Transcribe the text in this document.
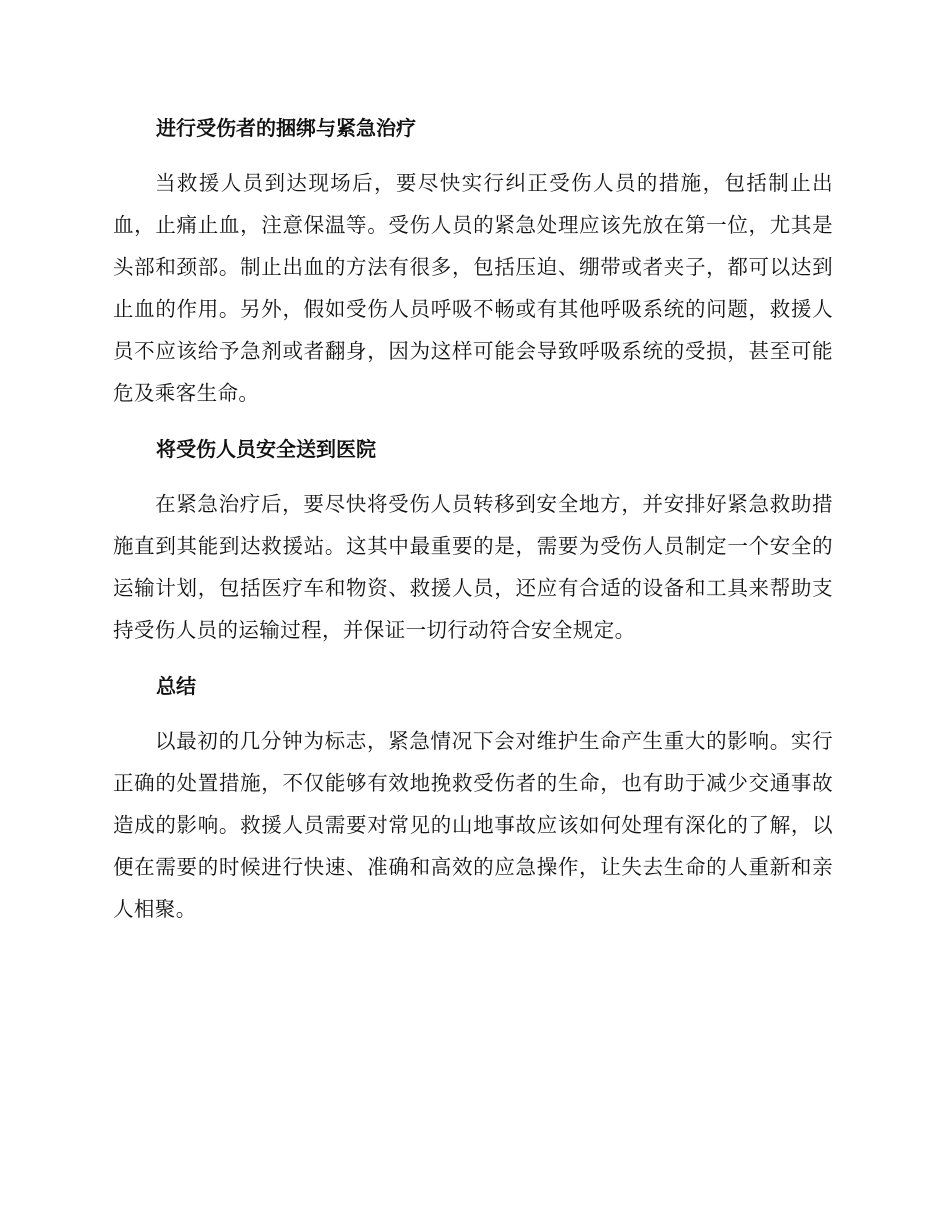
进行受伤者的捆绑与紧急治疗

当救援人员到达现场后，要尽快实行纠正受伤人员的措施，包括制止出血，止痛止血，注意保温等。受伤人员的紧急处理应该先放在第一位，尤其是头部和颈部。制止出血的方法有很多，包括压迫、绷带或者夹子，都可以达到止血的作用。另外，假如受伤人员呼吸不畅或有其他呼吸系统的问题，救援人员不应该给予急剂或者翻身，因为这样可能会导致呼吸系统的受损，甚至可能危及乘客生命。

将受伤人员安全送到医院

在紧急治疗后，要尽快将受伤人员转移到安全地方，并安排好紧急救助措施直到其能到达救援站。这其中最重要的是，需要为受伤人员制定一个安全的运输计划，包括医疗车和物资、救援人员，还应有合适的设备和工具来帮助支持受伤人员的运输过程，并保证一切行动符合安全规定。

总结

以最初的几分钟为标志，紧急情况下会对维护生命产生重大的影响。实行正确的处置措施，不仅能够有效地挽救受伤者的生命，也有助于减少交通事故造成的影响。救援人员需要对常见的山地事故应该如何处理有深化的了解，以便在需要的时候进行快速、准确和高效的应急操作，让失去生命的人重新和亲人相聚。
